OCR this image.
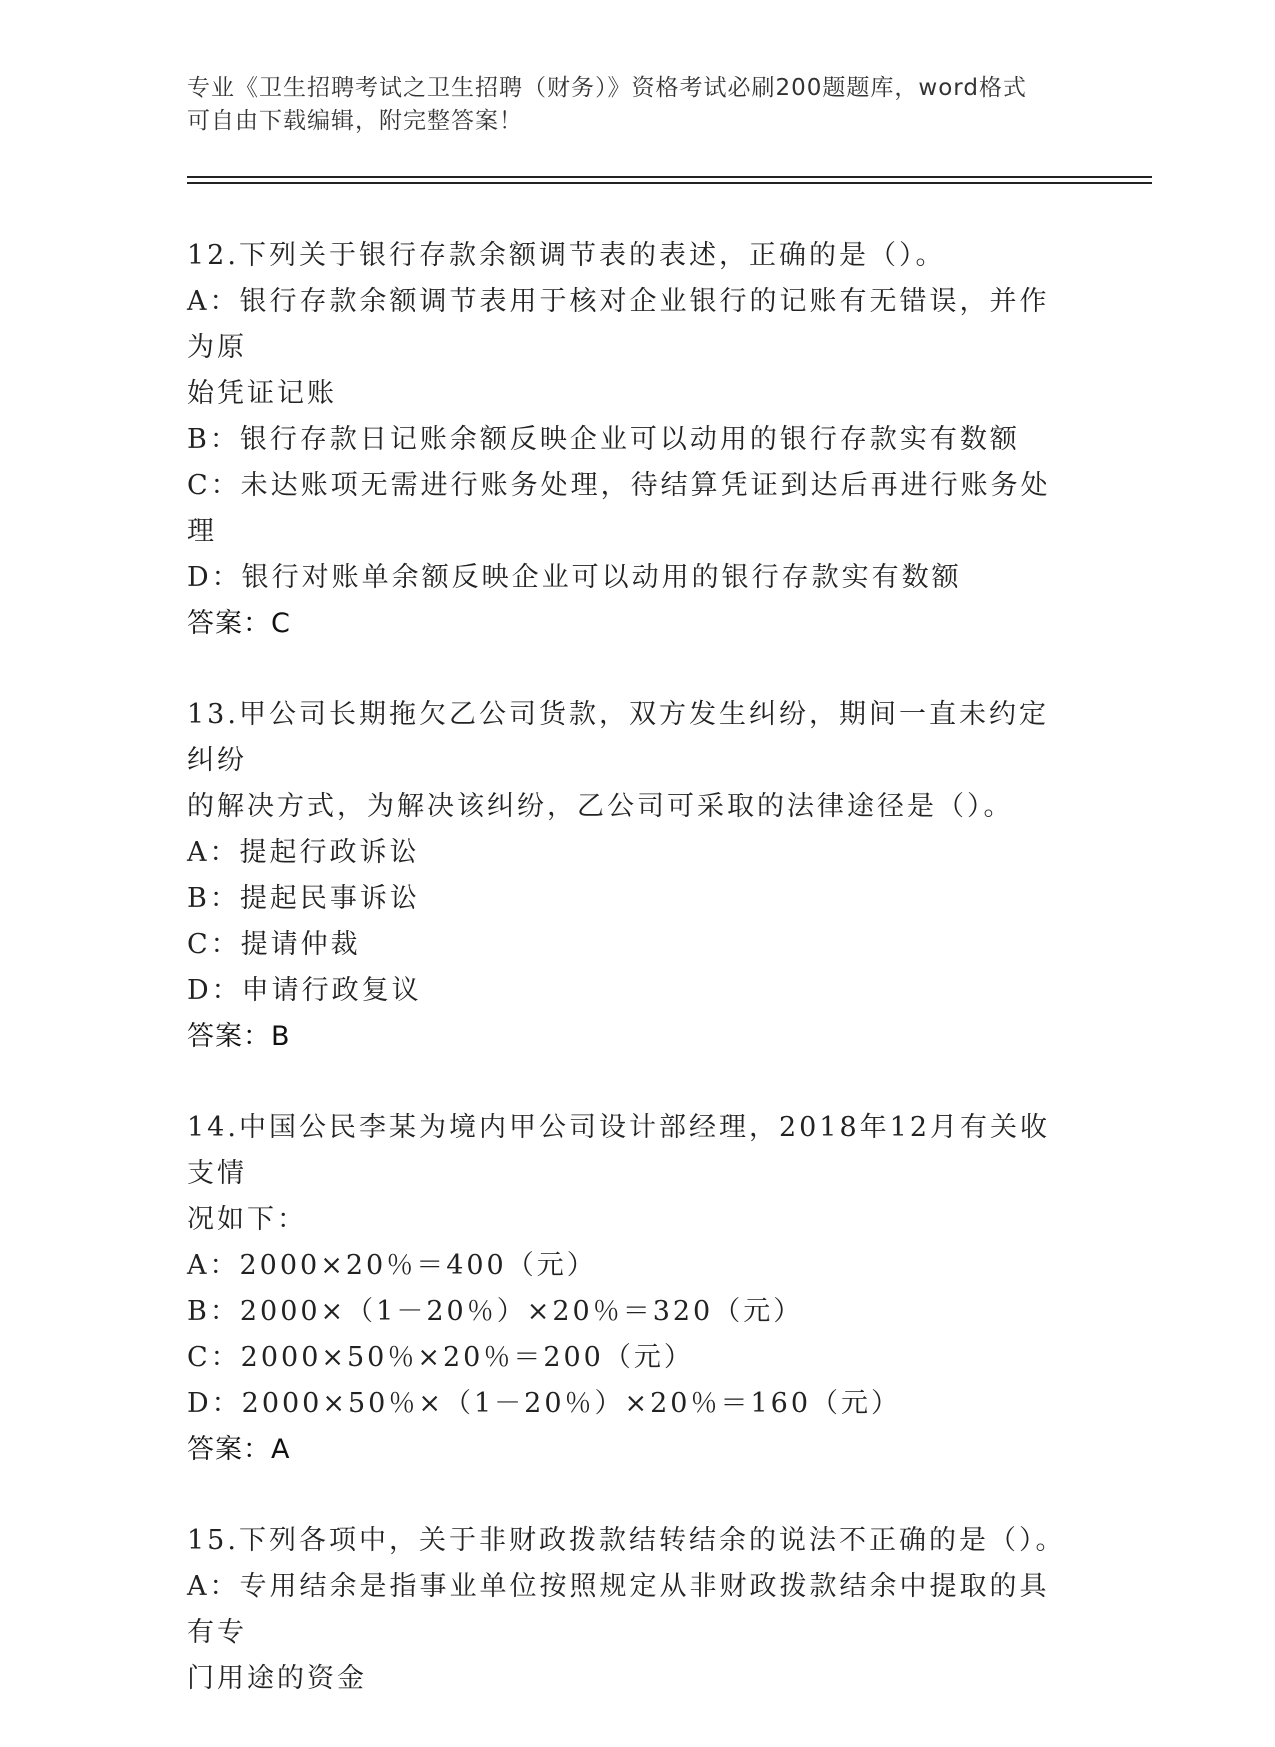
专业《卫生招聘考试之卫生招聘（财务）》资格考试必刷200题题库，word格式
可自由下载编辑，附完整答案！
12.下列关于银行存款余额调节表的表述，正确的是（）。
A：银行存款余额调节表用于核对企业银行的记账有无错误，并作为原
始凭证记账
B：银行存款日记账余额反映企业可以动用的银行存款实有数额
C：未达账项无需进行账务处理，待结算凭证到达后再进行账务处理
D：银行对账单余额反映企业可以动用的银行存款实有数额
答案：C
13.甲公司长期拖欠乙公司货款，双方发生纠纷，期间一直未约定纠纷
的解决方式，为解决该纠纷，乙公司可采取的法律途径是（）。
A：提起行政诉讼
B：提起民事诉讼
C：提请仲裁
D：申请行政复议
答案：B
14.中国公民李某为境内甲公司设计部经理，2018年12月有关收支情
况如下：
A：2000×20％＝400（元）
B：2000×（1－20％）×20％＝320（元）
C：2000×50％×20％＝200（元）
D：2000×50％×（1－20％）×20％＝160（元）
答案：A
15.下列各项中，关于非财政拨款结转结余的说法不正确的是（）。
A：专用结余是指事业单位按照规定从非财政拨款结余中提取的具有专
门用途的资金
